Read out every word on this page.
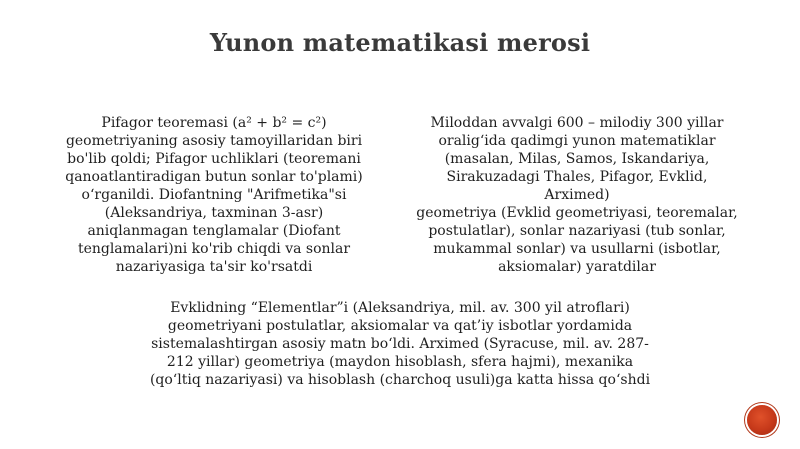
Yunon matematikasi merosi
Pifagor teoremasi (a² + b² = c²)
geometriyaning asosiy tamoyillaridan biri
bo'lib qoldi; Pifagor uchliklari (teoremani
qanoatlantiradigan butun sonlar to'plami)
o‘rganildi. Diofantning "Arifmetika"si
(Aleksandriya, taxminan 3-asr)
aniqlanmagan tenglamalar (Diofant
tenglamalari)ni ko'rib chiqdi va sonlar
nazariyasiga ta'sir ko'rsatdi
Miloddan avvalgi 600 – milodiy 300 yillar
oralig‘ida qadimgi yunon matematiklar
(masalan, Milas, Samos, Iskandariya,
Sirakuzadagi Thales, Pifagor, Evklid, Arximed)
geometriya (Evklid geometriyasi, teoremalar,
postulatlar), sonlar nazariyasi (tub sonlar,
mukammal sonlar) va usullarni (isbotlar,
aksiomalar) yaratdilar
Evklidning “Elementlar”i (Aleksandriya, mil. av. 300 yil atroflari)
geometriyani postulatlar, aksiomalar va qat’iy isbotlar yordamida
sistemalashtirgan asosiy matn bo‘ldi. Arximed (Syracuse, mil. av. 287-
212 yillar) geometriya (maydon hisoblash, sfera hajmi), mexanika
(qo‘ltiq nazariyasi) va hisoblash (charchoq usuli)ga katta hissa qo‘shdi
